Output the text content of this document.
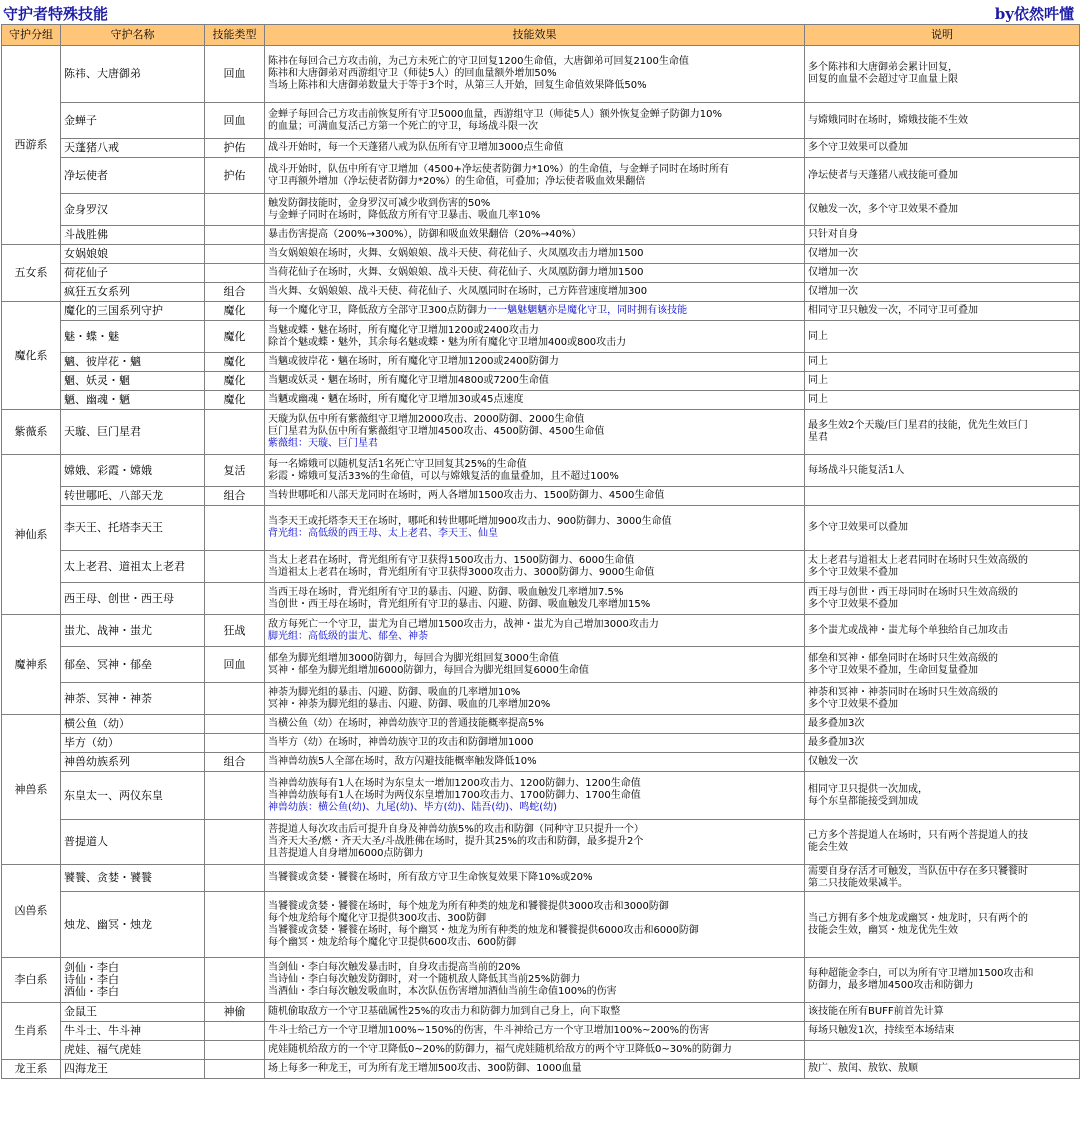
守护者特殊技能	by依然吽懂
守护分组	守护名称	技能类型	技能效果	说明
西游系	陈祎、大唐御弟	回血	陈祎在每回合己方攻击前，为己方未死亡的守卫回复1200生命值，大唐御弟可回复2100生命值
陈祎和大唐御弟对西游组守卫（师徒5人）的回血量额外增加50%
当场上陈祎和大唐御弟数量大于等于3个时，从第三人开始，回复生命值效果降低50%	多个陈祎和大唐御弟会累计回复，
回复的血量不会超过守卫血量上限

	金蝉子	回血	金蝉子每回合己方攻击前恢复所有守卫5000血量，西游组守卫（师徒5人）额外恢复金蝉子防御力10%
的血量；可满血复活己方第一个死亡的守卫，每场战斗限一次	与嫦娥同时在场时，嫦娥技能不生效

	天蓬猪八戒	护佑	战斗开始时，每一个天蓬猪八戒为队伍所有守卫增加3000点生命值	多个守卫效果可以叠加

	净坛使者	护佑	战斗开始时，队伍中所有守卫增加（4500+净坛使者防御力*10%）的生命值，与金蝉子同时在场时所有
守卫再额外增加（净坛使者防御力*20%）的生命值，可叠加；净坛使者吸血效果翻倍	净坛使者与天蓬猪八戒技能可叠加

	金身罗汉		触发防御技能时，金身罗汉可减少收到伤害的50%
与金蝉子同时在场时，降低敌方所有守卫暴击、吸血几率10%	仅触发一次，多个守卫效果不叠加

	斗战胜佛		暴击伤害提高（200%→300%），防御和吸血效果翻倍（20%→40%）	只针对自身

五女系	女娲娘娘		当女娲娘娘在场时，火舞、女娲娘娘、战斗天使、荷花仙子、火凤凰攻击力增加1500	仅增加一次

	荷花仙子		当荷花仙子在场时，火舞、女娲娘娘、战斗天使、荷花仙子、火凤凰防御力增加1500	仅增加一次

	疯狂五女系列	组合	当火舞、女娲娘娘、战斗天使、荷花仙子、火凤凰同时在场时，己方阵营速度增加300	仅增加一次

魔化系	魔化的三国系列守护	魔化	每一个魔化守卫，降低敌方全部守卫300点防御力一一魑魅魍魉亦是魔化守卫，同时拥有该技能	相同守卫只触发一次，不同守卫可叠加

	魅・蝶・魅	魔化	当魅或蝶・魅在场时，所有魔化守卫增加1200或2400攻击力
除首个魅或蝶・魅外，其余每名魅或蝶・魅为所有魔化守卫增加400或800攻击力	同上

	魑、彼岸花・魑	魔化	当魑或彼岸花・魑在场时，所有魔化守卫增加1200或2400防御力	同上

	魍、妖灵・魍	魔化	当魍或妖灵・魍在场时，所有魔化守卫增加4800或7200生命值	同上

	魉、幽魂・魉	魔化	当魉或幽魂・魉在场时，所有魔化守卫增加30或45点速度	同上

紫薇系	天璇、巨门星君		天璇为队伍中所有紫薇组守卫增加2000攻击、2000防御、2000生命值
巨门星君为队伍中所有紫薇组守卫增加4500攻击、4500防御、4500生命值
紫薇组：天璇、巨门星君	最多生效2个天璇/巨门星君的技能，优先生效巨门
星君

神仙系	嫦娥、彩霞・嫦娥	复活	每一名嫦娥可以随机复活1名死亡守卫回复其25%的生命值
彩霞・嫦娥可复活33%的生命值，可以与嫦娥复活的血量叠加，且不超过100%	每场战斗只能复活1人

	转世哪吒、八部天龙	组合	当转世哪吒和八部天龙同时在场时，两人各增加1500攻击力、1500防御力、4500生命值	

	李天王、托塔李天王		当李天王或托塔李天王在场时，哪吒和转世哪吒增加900攻击力、900防御力、3000生命值
背光组：高低级的西王母、太上老君、李天王、仙皇	多个守卫效果可以叠加

	太上老君、道祖太上老君		当太上老君在场时，背光组所有守卫获得1500攻击力、1500防御力、6000生命值
当道祖太上老君在场时，背光组所有守卫获得3000攻击力、3000防御力、9000生命值	太上老君与道祖太上老君同时在场时只生效高级的
多个守卫效果不叠加

	西王母、创世・西王母		当西王母在场时，背光组所有守卫的暴击、闪避、防御、吸血触发几率增加7.5%
当创世・西王母在场时，背光组所有守卫的暴击、闪避、防御、吸血触发几率增加15%	西王母与创世・西王母同时在场时只生效高级的
多个守卫效果不叠加

魔神系	蚩尤、战神・蚩尤	狂战	敌方每死亡一个守卫，蚩尤为自己增加1500攻击力，战神・蚩尤为自己增加3000攻击力
脚光组：高低级的蚩尤、郁垒、神荼	多个蚩尤或战神・蚩尤每个单独给自己加攻击

	郁垒、冥神・郁垒	回血	郁垒为脚光组增加3000防御力，每回合为脚光组回复3000生命值
冥神・郁垒为脚光组增加6000防御力，每回合为脚光组回复6000生命值	郁垒和冥神・郁垒同时在场时只生效高级的
多个守卫效果不叠加，生命回复量叠加

	神荼、冥神・神荼		神荼为脚光组的暴击、闪避、防御、吸血的几率增加10%
冥神・神荼为脚光组的暴击、闪避、防御、吸血的几率增加20%	神荼和冥神・神荼同时在场时只生效高级的
多个守卫效果不叠加

神兽系	横公鱼（幼）		当横公鱼（幼）在场时，神兽幼族守卫的普通技能概率提高5%	最多叠加3次

	毕方（幼）		当毕方（幼）在场时，神兽幼族守卫的攻击和防御增加1000	最多叠加3次

	神兽幼族系列	组合	当神兽幼族5人全部在场时，敌方闪避技能概率触发降低10%	仅触发一次

	东皇太一、两仪东皇		当神兽幼族每有1人在场时为东皇太一增加1200攻击力、1200防御力、1200生命值
当神兽幼族每有1人在场时为两仪东皇增加1700攻击力、1700防御力、1700生命值
神兽幼族：横公鱼(幼)、九尾(幼)、毕方(幼)、陆吾(幼)、鸣蛇(幼)	相同守卫只提供一次加成，
每个东皇都能接受到加成

	普提道人		菩提道人每次攻击后可提升自身及神兽幼族5%的攻击和防御（同种守卫只提升一个）
当齐天大圣/燃・齐天大圣/斗战胜佛在场时，提升其25%的攻击和防御，最多提升2个
且菩提道人自身增加6000点防御力	己方多个菩提道人在场时，只有两个菩提道人的技
能会生效

凶兽系	饕餮、贪婪・饕餮		当饕餮或贪婪・饕餮在场时，所有敌方守卫生命恢复效果下降10%或20%	需要自身存活才可触发，当队伍中存在多只饕餮时
第二只技能效果减半。

	烛龙、幽冥・烛龙		当饕餮或贪婪・饕餮在场时，每个烛龙为所有种类的烛龙和饕餮提供3000攻击和3000防御
每个烛龙给每个魔化守卫提供300攻击、300防御
当饕餮或贪婪・饕餮在场时，每个幽冥・烛龙为所有种类的烛龙和饕餮提供6000攻击和6000防御
每个幽冥・烛龙给每个魔化守卫提供600攻击、600防御	当己方拥有多个烛龙或幽冥・烛龙时，只有两个的
技能会生效，幽冥・烛龙优先生效

李白系	剑仙・李白
诗仙・李白
酒仙・李白		当剑仙・李白每次触发暴击时，自身攻击提高当前的20%
当诗仙・李白每次触发防御时，对一个随机敌人降低其当前25%防御力
当酒仙・李白每次触发吸血时，本次队伍伤害增加酒仙当前生命值100%的伤害	每种超能金李白，可以为所有守卫增加1500攻击和
防御力，最多增加4500攻击和防御力

生肖系	金鼠王	神偷	随机偷取敌方一个守卫基础属性25%的攻击力和防御力加到自己身上，向下取整	该技能在所有BUFF前首先计算

	牛斗士、牛斗神		牛斗士给己方一个守卫增加100%~150%的伤害，牛斗神给己方一个守卫增加100%~200%的伤害	每场只触发1次，持续至本场结束

	虎娃、福气虎娃		虎娃随机给敌方的一个守卫降低0~20%的防御力，福气虎娃随机给敌方的两个守卫降低0~30%的防御力	

龙王系	四海龙王		场上每多一种龙王，可为所有龙王增加500攻击、300防御、1000血量	敖广、敖闰、敖钦、敖顺
